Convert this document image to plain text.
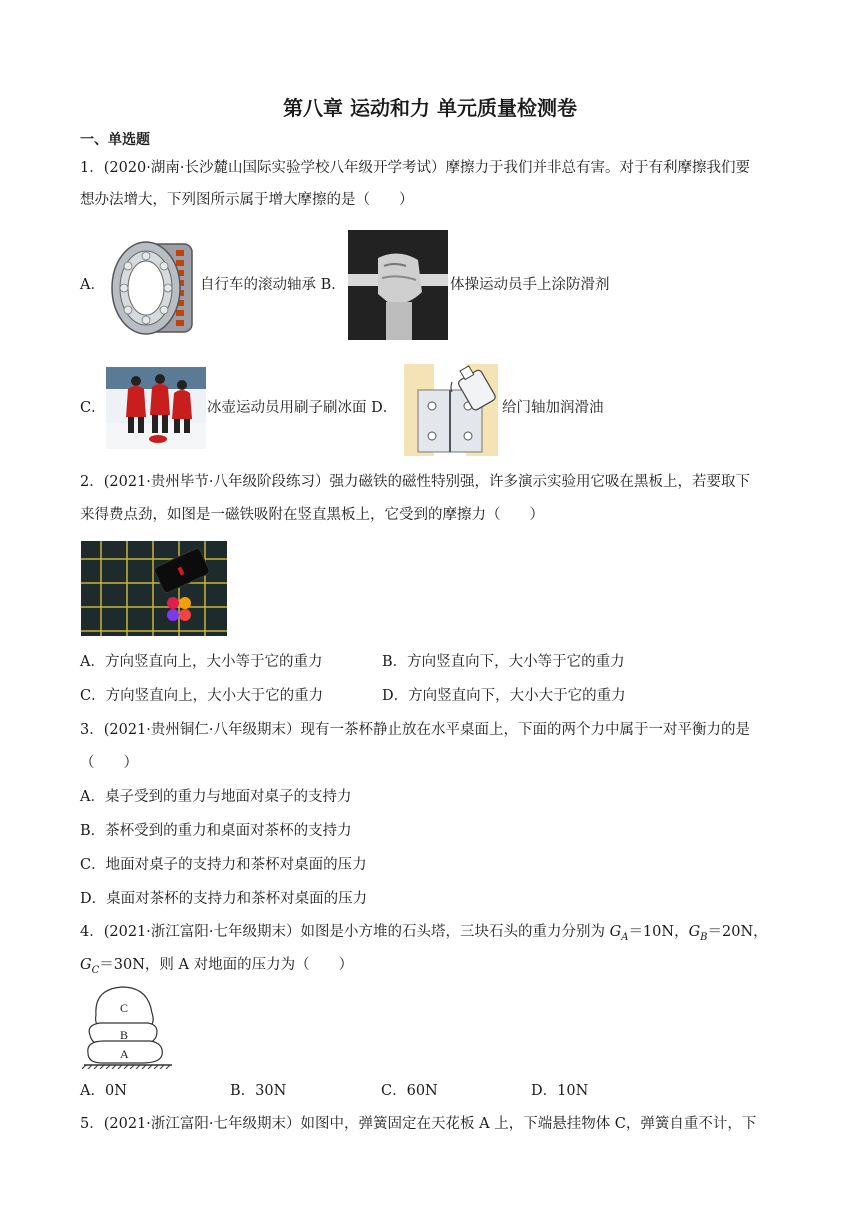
第八章 运动和力 单元质量检测卷
一、单选题
1．(2020·湖南·长沙麓山国际实验学校八年级开学考试）摩擦力于我们并非总有害。对于有利摩擦我们要
想办法增大，下列图所示属于增大摩擦的是（　　）
A．	自行车的滚动轴承 B．	体操运动员手上涂防滑剂
C．	冰壶运动员用刷子刷冰面 D．	给门轴加润滑油
2．(2021·贵州毕节·八年级阶段练习）强力磁铁的磁性特别强，许多演示实验用它吸在黑板上，若要取下
来得费点劲，如图是一磁铁吸附在竖直黑板上，它受到的摩擦力（　　）
A．方向竖直向上，大小等于它的重力	B．方向竖直向下，大小等于它的重力
C．方向竖直向上，大小大于它的重力	D．方向竖直向下，大小大于它的重力
3．(2021·贵州铜仁·八年级期末）现有一茶杯静止放在水平桌面上，下面的两个力中属于一对平衡力的是
（　　）
A．桌子受到的重力与地面对桌子的支持力
B．茶杯受到的重力和桌面对茶杯的支持力
C．地面对桌子的支持力和茶杯对桌面的压力
D．桌面对茶杯的支持力和茶杯对桌面的压力
4．(2021·浙江富阳·七年级期末）如图是小方堆的石头塔，三块石头的重力分别为 $G_A=10N$，$G_B=20N$，
$G_C=30N$，则 A 对地面的压力为（　　）
C
B
A
A．0N	B．30N	C．60N	D．10N
5．(2021·浙江富阳·七年级期末）如图中，弹簧固定在天花板 A 上，下端悬挂物体 C，弹簧自重不计，下
